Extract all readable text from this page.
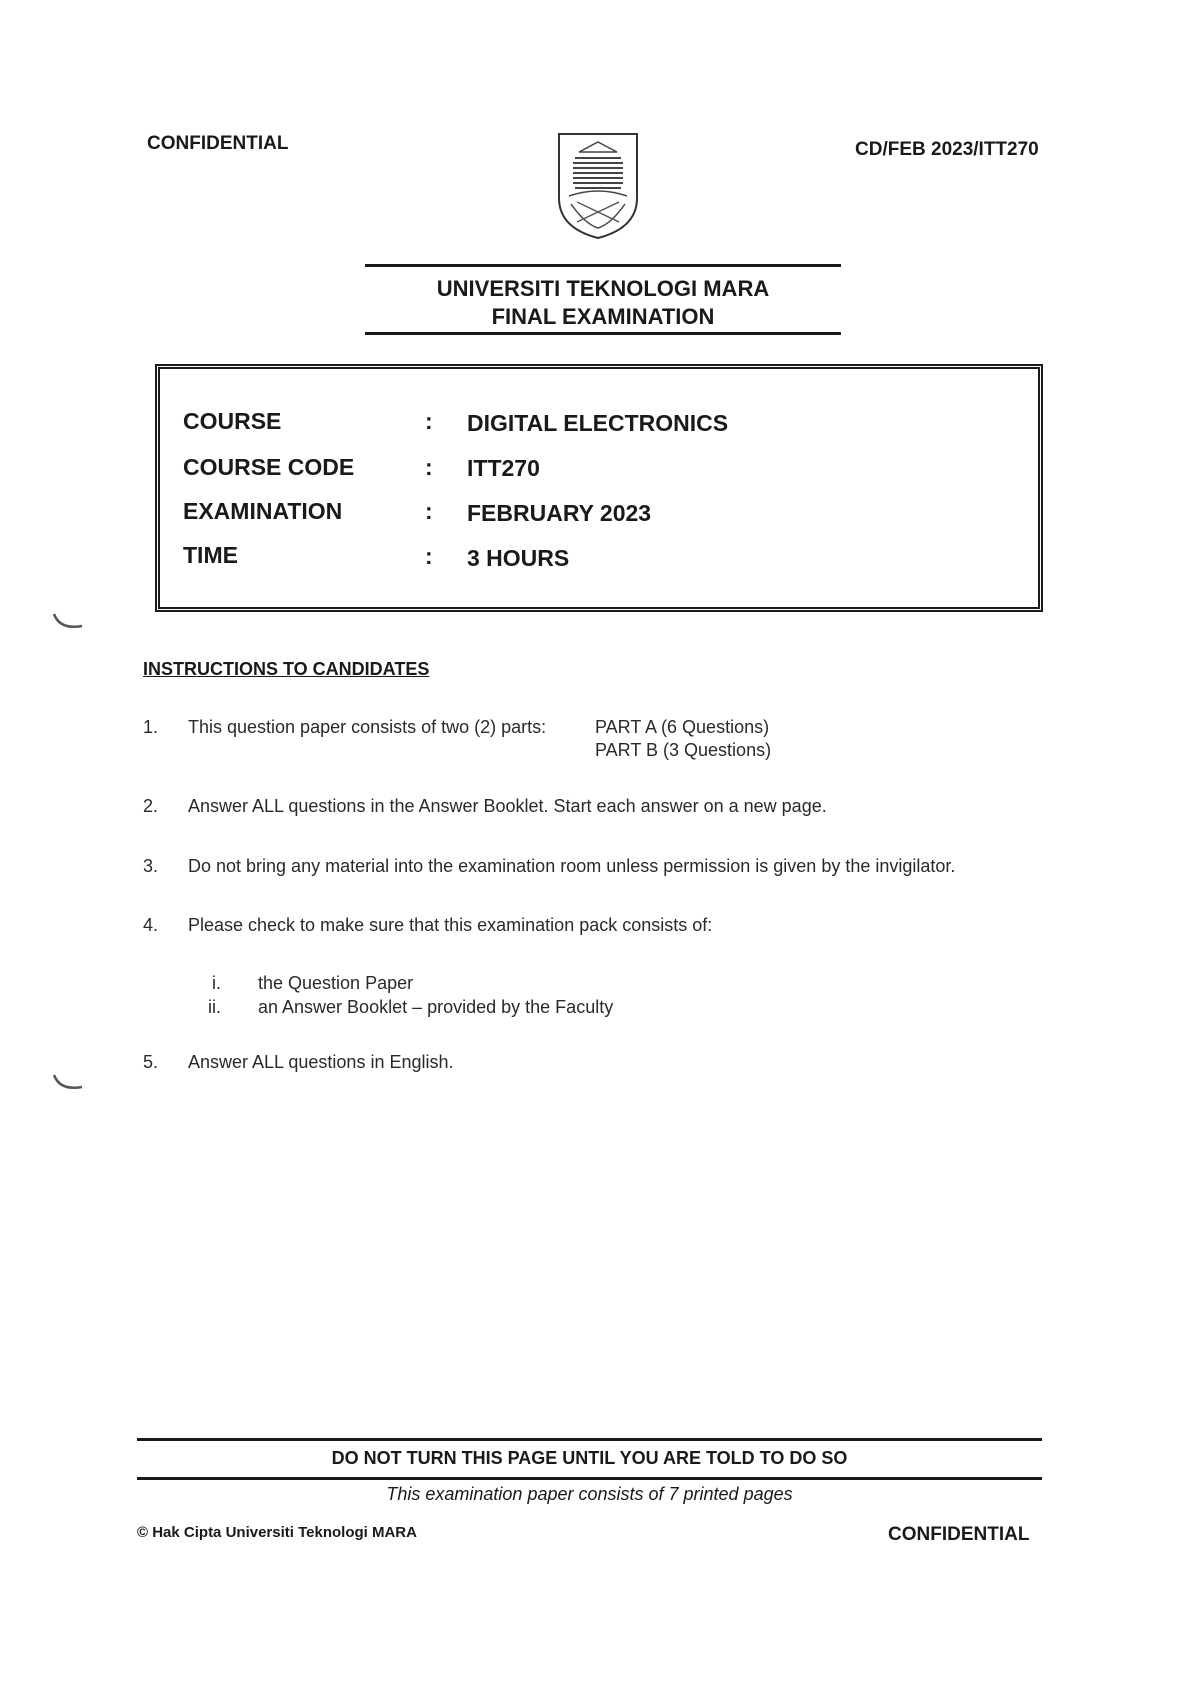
CONFIDENTIAL	CD/FEB 2023/ITT270
UNIVERSITI TEKNOLOGI MARA
FINAL EXAMINATION
COURSE	: DIGITAL ELECTRONICS
COURSE CODE	: ITT270
EXAMINATION	: FEBRUARY 2023
TIME	: 3 HOURS
INSTRUCTIONS TO CANDIDATES
1. This question paper consists of two (2) parts:	PART A (6 Questions)
PART B (3 Questions)
2. Answer ALL questions in the Answer Booklet. Start each answer on a new page.
3. Do not bring any material into the examination room unless permission is given by the invigilator.
4. Please check to make sure that this examination pack consists of:
i. the Question Paper
ii. an Answer Booklet – provided by the Faculty
5. Answer ALL questions in English.
DO NOT TURN THIS PAGE UNTIL YOU ARE TOLD TO DO SO
This examination paper consists of 7 printed pages
© Hak Cipta Universiti Teknologi MARA	CONFIDENTIAL
